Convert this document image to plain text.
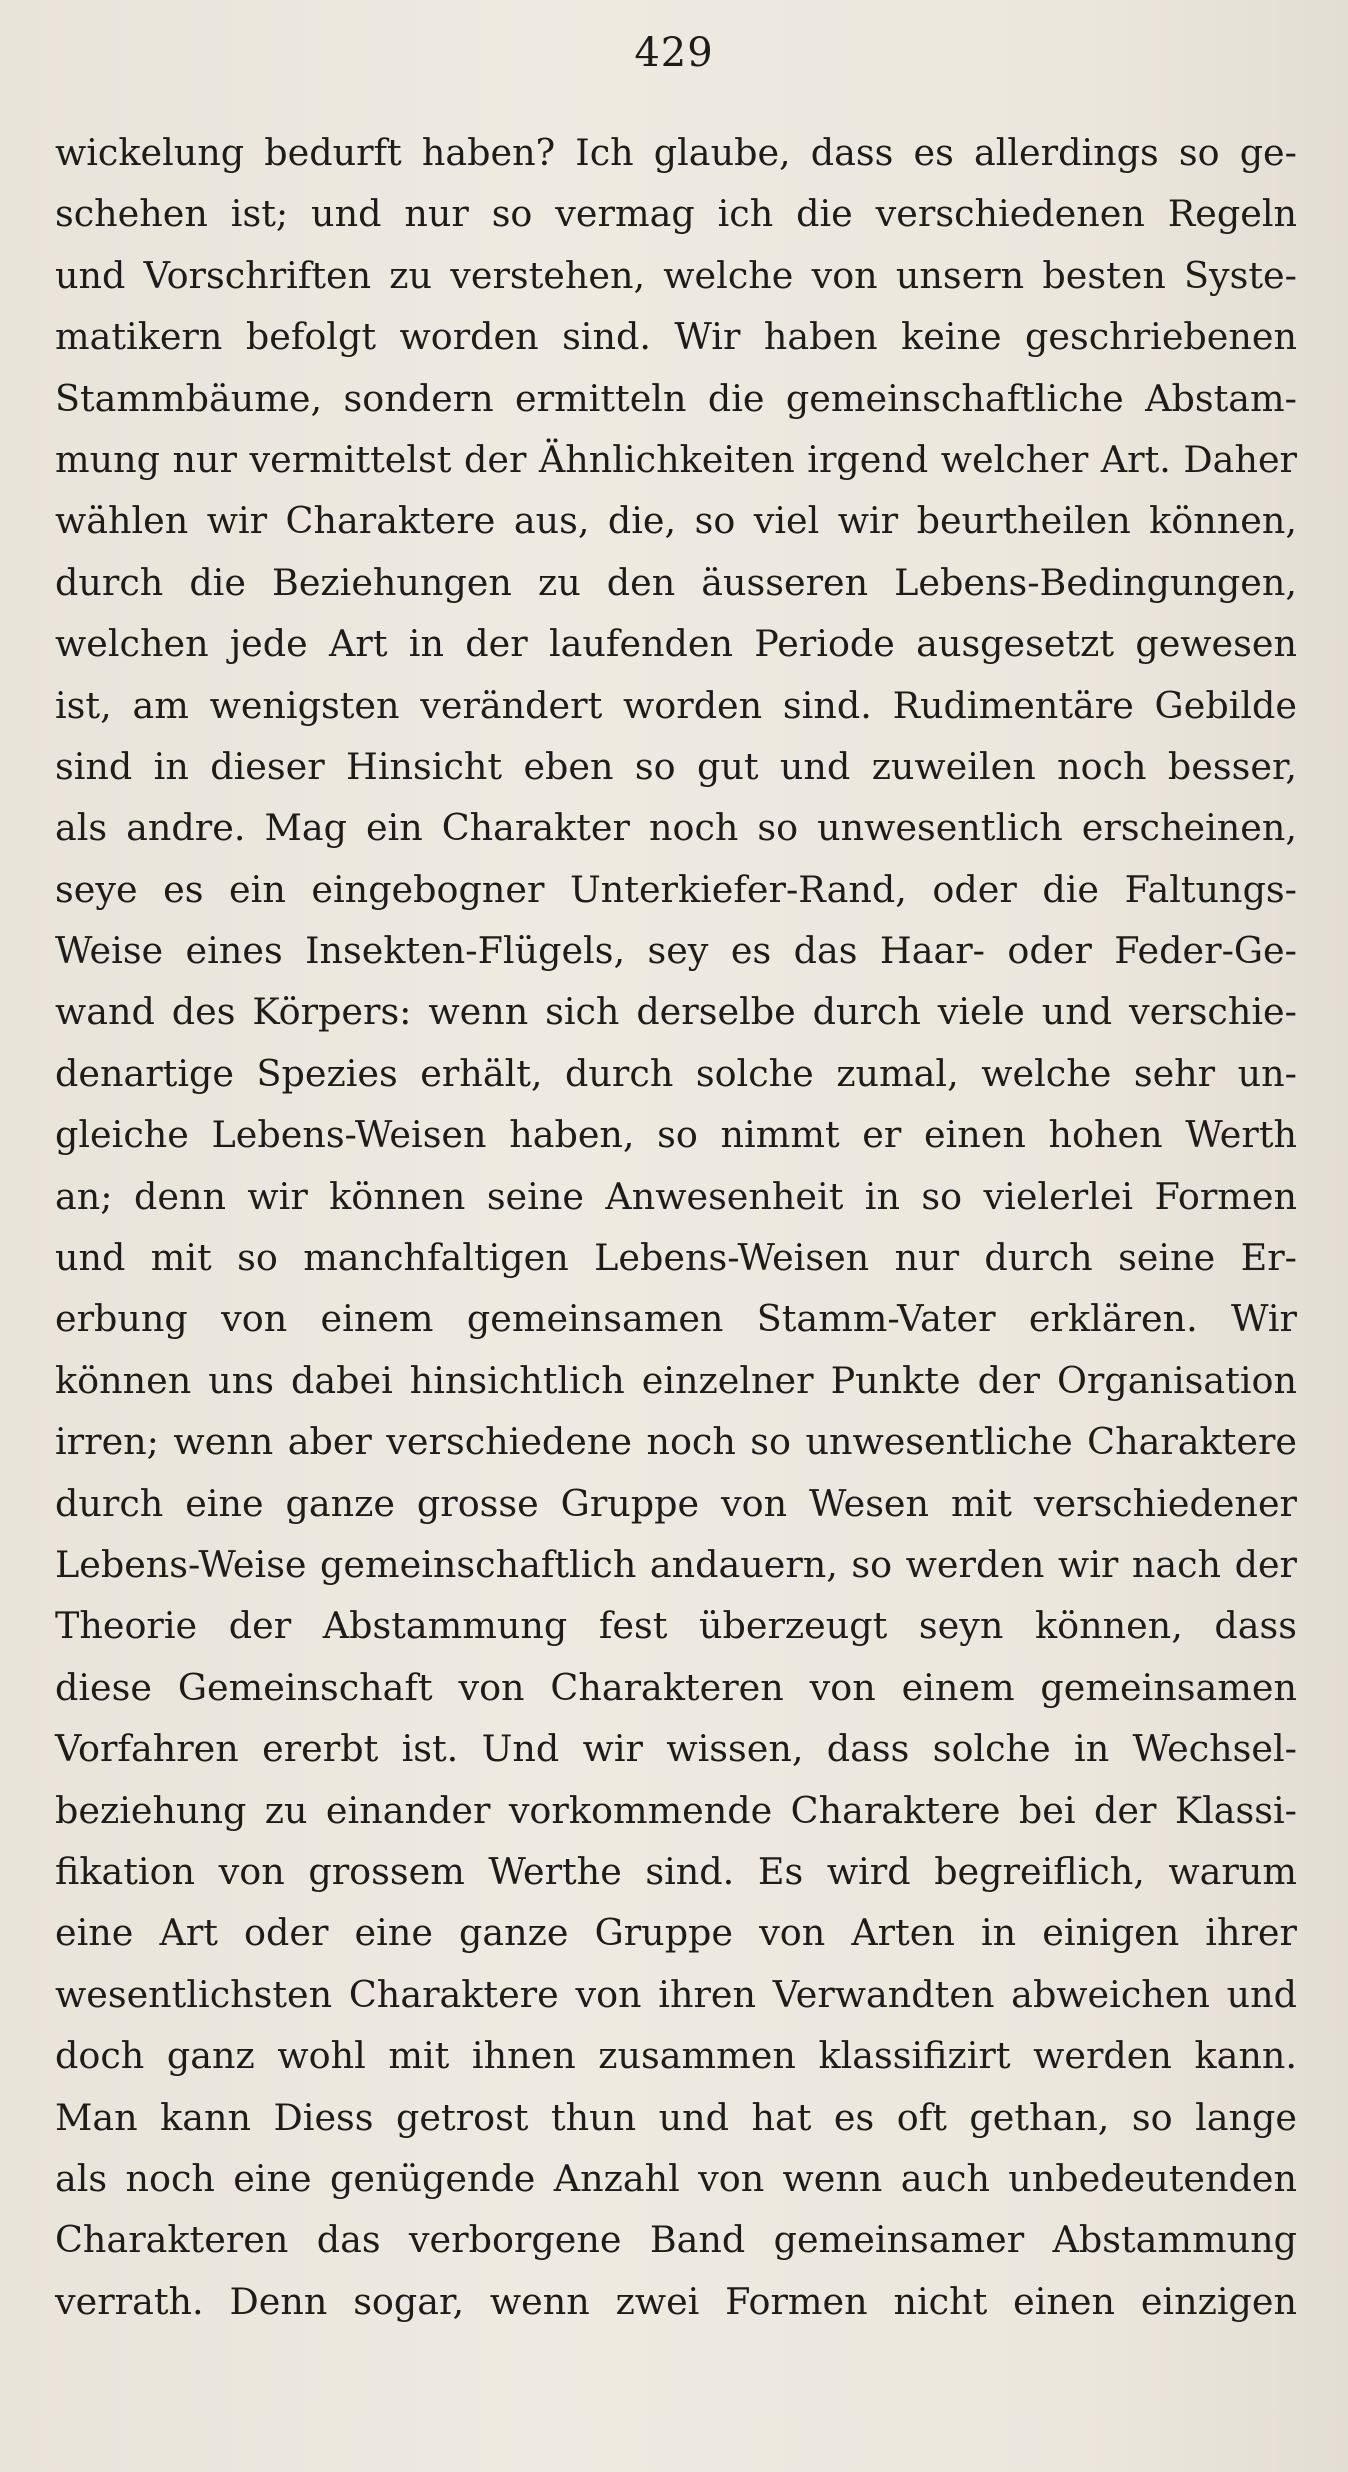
429
wickelung bedurft haben? Ich glaube, dass es allerdings so ge-
schehen ist; und nur so vermag ich die verschiedenen Regeln
und Vorschriften zu verstehen, welche von unsern besten Syste-
matikern befolgt worden sind. Wir haben keine geschriebenen
Stammbäume, sondern ermitteln die gemeinschaftliche Abstam-
mung nur vermittelst der Ähnlichkeiten irgend welcher Art. Daher
wählen wir Charaktere aus, die, so viel wir beurtheilen können,
durch die Beziehungen zu den äusseren Lebens-Bedingungen,
welchen jede Art in der laufenden Periode ausgesetzt gewesen
ist, am wenigsten verändert worden sind. Rudimentäre Gebilde
sind in dieser Hinsicht eben so gut und zuweilen noch besser,
als andre. Mag ein Charakter noch so unwesentlich erscheinen,
seye es ein eingebogner Unterkiefer-Rand, oder die Faltungs-
Weise eines Insekten-Flügels, sey es das Haar- oder Feder-Ge-
wand des Körpers: wenn sich derselbe durch viele und verschie-
denartige Spezies erhält, durch solche zumal, welche sehr un-
gleiche Lebens-Weisen haben, so nimmt er einen hohen Werth
an; denn wir können seine Anwesenheit in so vielerlei Formen
und mit so manchfaltigen Lebens-Weisen nur durch seine Er-
erbung von einem gemeinsamen Stamm-Vater erklären. Wir
können uns dabei hinsichtlich einzelner Punkte der Organisation
irren; wenn aber verschiedene noch so unwesentliche Charaktere
durch eine ganze grosse Gruppe von Wesen mit verschiedener
Lebens-Weise gemeinschaftlich andauern, so werden wir nach der
Theorie der Abstammung fest überzeugt seyn können, dass
diese Gemeinschaft von Charakteren von einem gemeinsamen
Vorfahren ererbt ist. Und wir wissen, dass solche in Wechsel-
beziehung zu einander vorkommende Charaktere bei der Klassi-
fikation von grossem Werthe sind. Es wird begreiflich, warum
eine Art oder eine ganze Gruppe von Arten in einigen ihrer
wesentlichsten Charaktere von ihren Verwandten abweichen und
doch ganz wohl mit ihnen zusammen klassifizirt werden kann.
Man kann Diess getrost thun und hat es oft gethan, so lange
als noch eine genügende Anzahl von wenn auch unbedeutenden
Charakteren das verborgene Band gemeinsamer Abstammung
verrath. Denn sogar, wenn zwei Formen nicht einen einzigen
